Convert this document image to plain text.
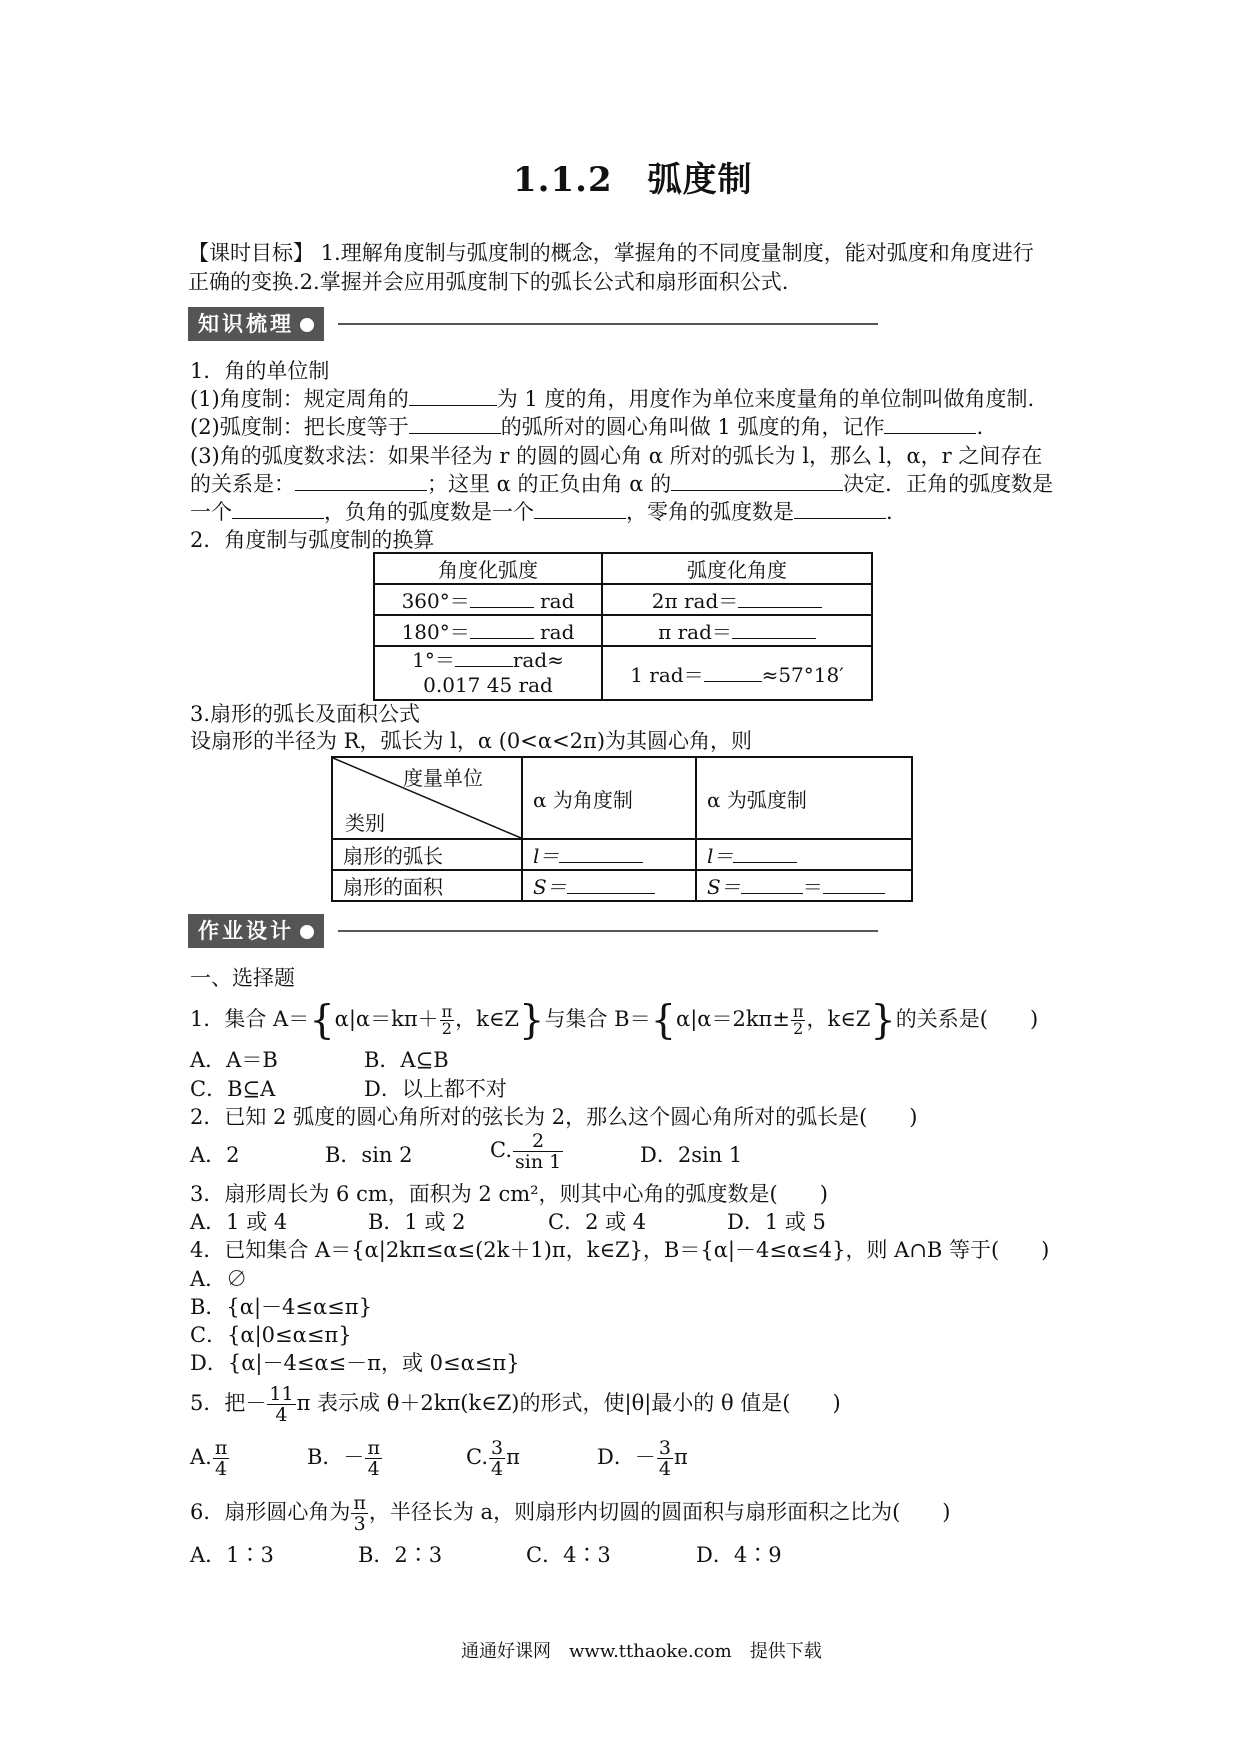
1.1.2　弧度制
【课时目标】 1.理解角度制与弧度制的概念，掌握角的不同度量制度，能对弧度和角度进行
正确的变换.2.掌握并会应用弧度制下的弧长公式和扇形面积公式.
知识梳理
1．角的单位制
(1)角度制：规定周角的	为 1 度的角，用度作为单位来度量角的单位制叫做角度制.
(2)弧度制：把长度等于	的弧所对的圆心角叫做 1 弧度的角，记作	.
(3)角的弧度数求法：如果半径为 r 的圆的圆心角 α 所对的弧长为 l，那么 l，α，r 之间存在
的关系是：	；这里 α 的正负由角 α 的	决定．正角的弧度数是
一个	，负角的弧度数是一个	，零角的弧度数是	.
2．角度制与弧度制的换算
角度化弧度	弧度化角度
360°＝ rad	2π rad＝
180°＝ rad	π rad＝
1°＝ rad≈
0.017 45 rad	1 rad＝ ≈57°18′
3.扇形的弧长及面积公式
设扇形的半径为 R，弧长为 l，α (0<α<2π)为其圆心角，则
度量单位
类别	α 为角度制	α 为弧度制
扇形的弧长	l＝	l＝
扇形的面积	S＝	S＝ ＝
作业设计
一、选择题
1．集合 $A=\{\alpha|\alpha=k\pi+ \frac{\pi}{2}$ ，k∈Z}与集合 $B=\{\alpha|\alpha=2k\pi\pm \frac{\pi}{2}$ ，k∈Z}的关系是(　　)
A．A＝B	B．A⊆B
C．B⊆A	D．以上都不对
2．已知 2 弧度的圆心角所对的弦长为 2，那么这个圆心角所对的弧长是(　　)
A．2	B．sin 2	C. $\frac{2}{\sin 1}$	D．2sin 1
3．扇形周长为 6 cm，面积为 2 cm²，则其中心角的弧度数是(　　)
A．1 或 4	B．1 或 2	C．2 或 4	D．1 或 5
4．已知集合 A＝{α|2kπ≤α≤(2k＋1)π，k∈Z}，B＝{α|－4≤α≤4}，则 A∩B 等于(　　)
A．∅
B．{α|－4≤α≤π}
C．{α|0≤α≤π}
D．{α|－4≤α≤－π，或 0≤α≤π}
5．把－ $\frac{11}{4}$ π 表示成 θ＋2kπ(k∈Z)的形式，使|θ|最小的 θ 值是(　　)
A. $\frac{\pi}{4}$	B．－ $\frac{\pi}{4}$	C. $\frac{3}{4}$ π	D．－ $\frac{3}{4}$ π
6．扇形圆心角为 $\frac{\pi}{3}$ ，半径长为 a，则扇形内切圆的圆面积与扇形面积之比为(　　)
A．1∶3	B．2∶3	C．4∶3	D．4∶9
通通好课网　www.tthaoke.com　提供下载
